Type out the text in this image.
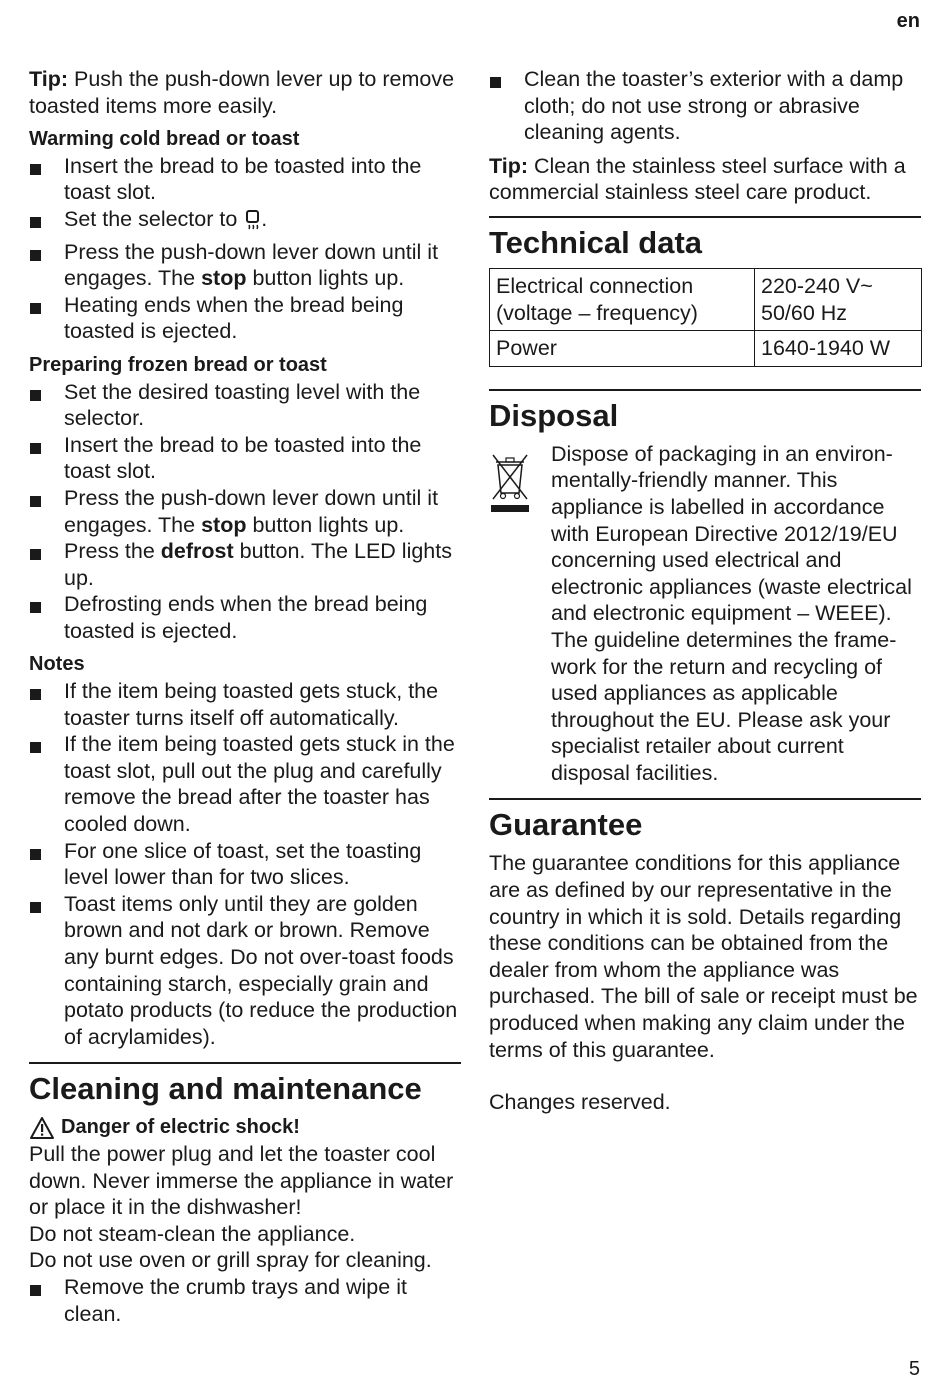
en

Tip: Push the push-down lever up to remove toasted items more easily.

Warming cold bread or toast
Insert the bread to be toasted into the toast slot.
Set the selector to .
Press the push-down lever down until it engages. The stop button lights up.
Heating ends when the bread being toasted is ejected.
Preparing frozen bread or toast
Set the desired toasting level with the selector.
Insert the bread to be toasted into the toast slot.
Press the push-down lever down until it engages. The stop button lights up.
Press the defrost button. The LED lights up.
Defrosting ends when the bread being toasted is ejected.
Notes
If the item being toasted gets stuck, the toaster turns itself off automatically.
If the item being toasted gets stuck in the toast slot, pull out the plug and carefully remove the bread after the toaster has cooled down.
For one slice of toast, set the toasting level lower than for two slices.
Toast items only until they are golden brown and not dark or brown. Remove any burnt edges. Do not over-toast foods containing starch, especially grain and potato products (to reduce the production of acrylamides).
Cleaning and maintenance
Danger of electric shock!

Pull the power plug and let the toaster cool down. Never immerse the appliance in water or place it in the dishwasher!

Do not steam-clean the appliance.

Do not use oven or grill spray for cleaning.

Remove the crumb trays and wipe it clean.
Clean the toaster’s exterior with a damp cloth; do not use strong or abrasive cleaning agents.

Tip: Clean the stainless steel surface with a commercial stainless steel care product.

Technical data
Electrical connection (voltage – frequency)	220-240 V~ 50/60 Hz
Power	1640-1940 W
Disposal
Dispose of packaging in an environmentally-friendly manner. This appliance is labelled in accordance with European Directive 2012/19/EU concerning used electrical and electronic appliances (waste electrical and electronic equipment – WEEE). The guideline determines the framework for the return and recycling of used appliances as applicable throughout the EU. Please ask your specialist retailer about current disposal facilities.
Guarantee

The guarantee conditions for this appliance are as defined by our representative in the country in which it is sold. Details regarding these conditions can be obtained from the dealer from whom the appliance was purchased. The bill of sale or receipt must be produced when making any claim under the terms of this guarantee.

Changes reserved.

5
